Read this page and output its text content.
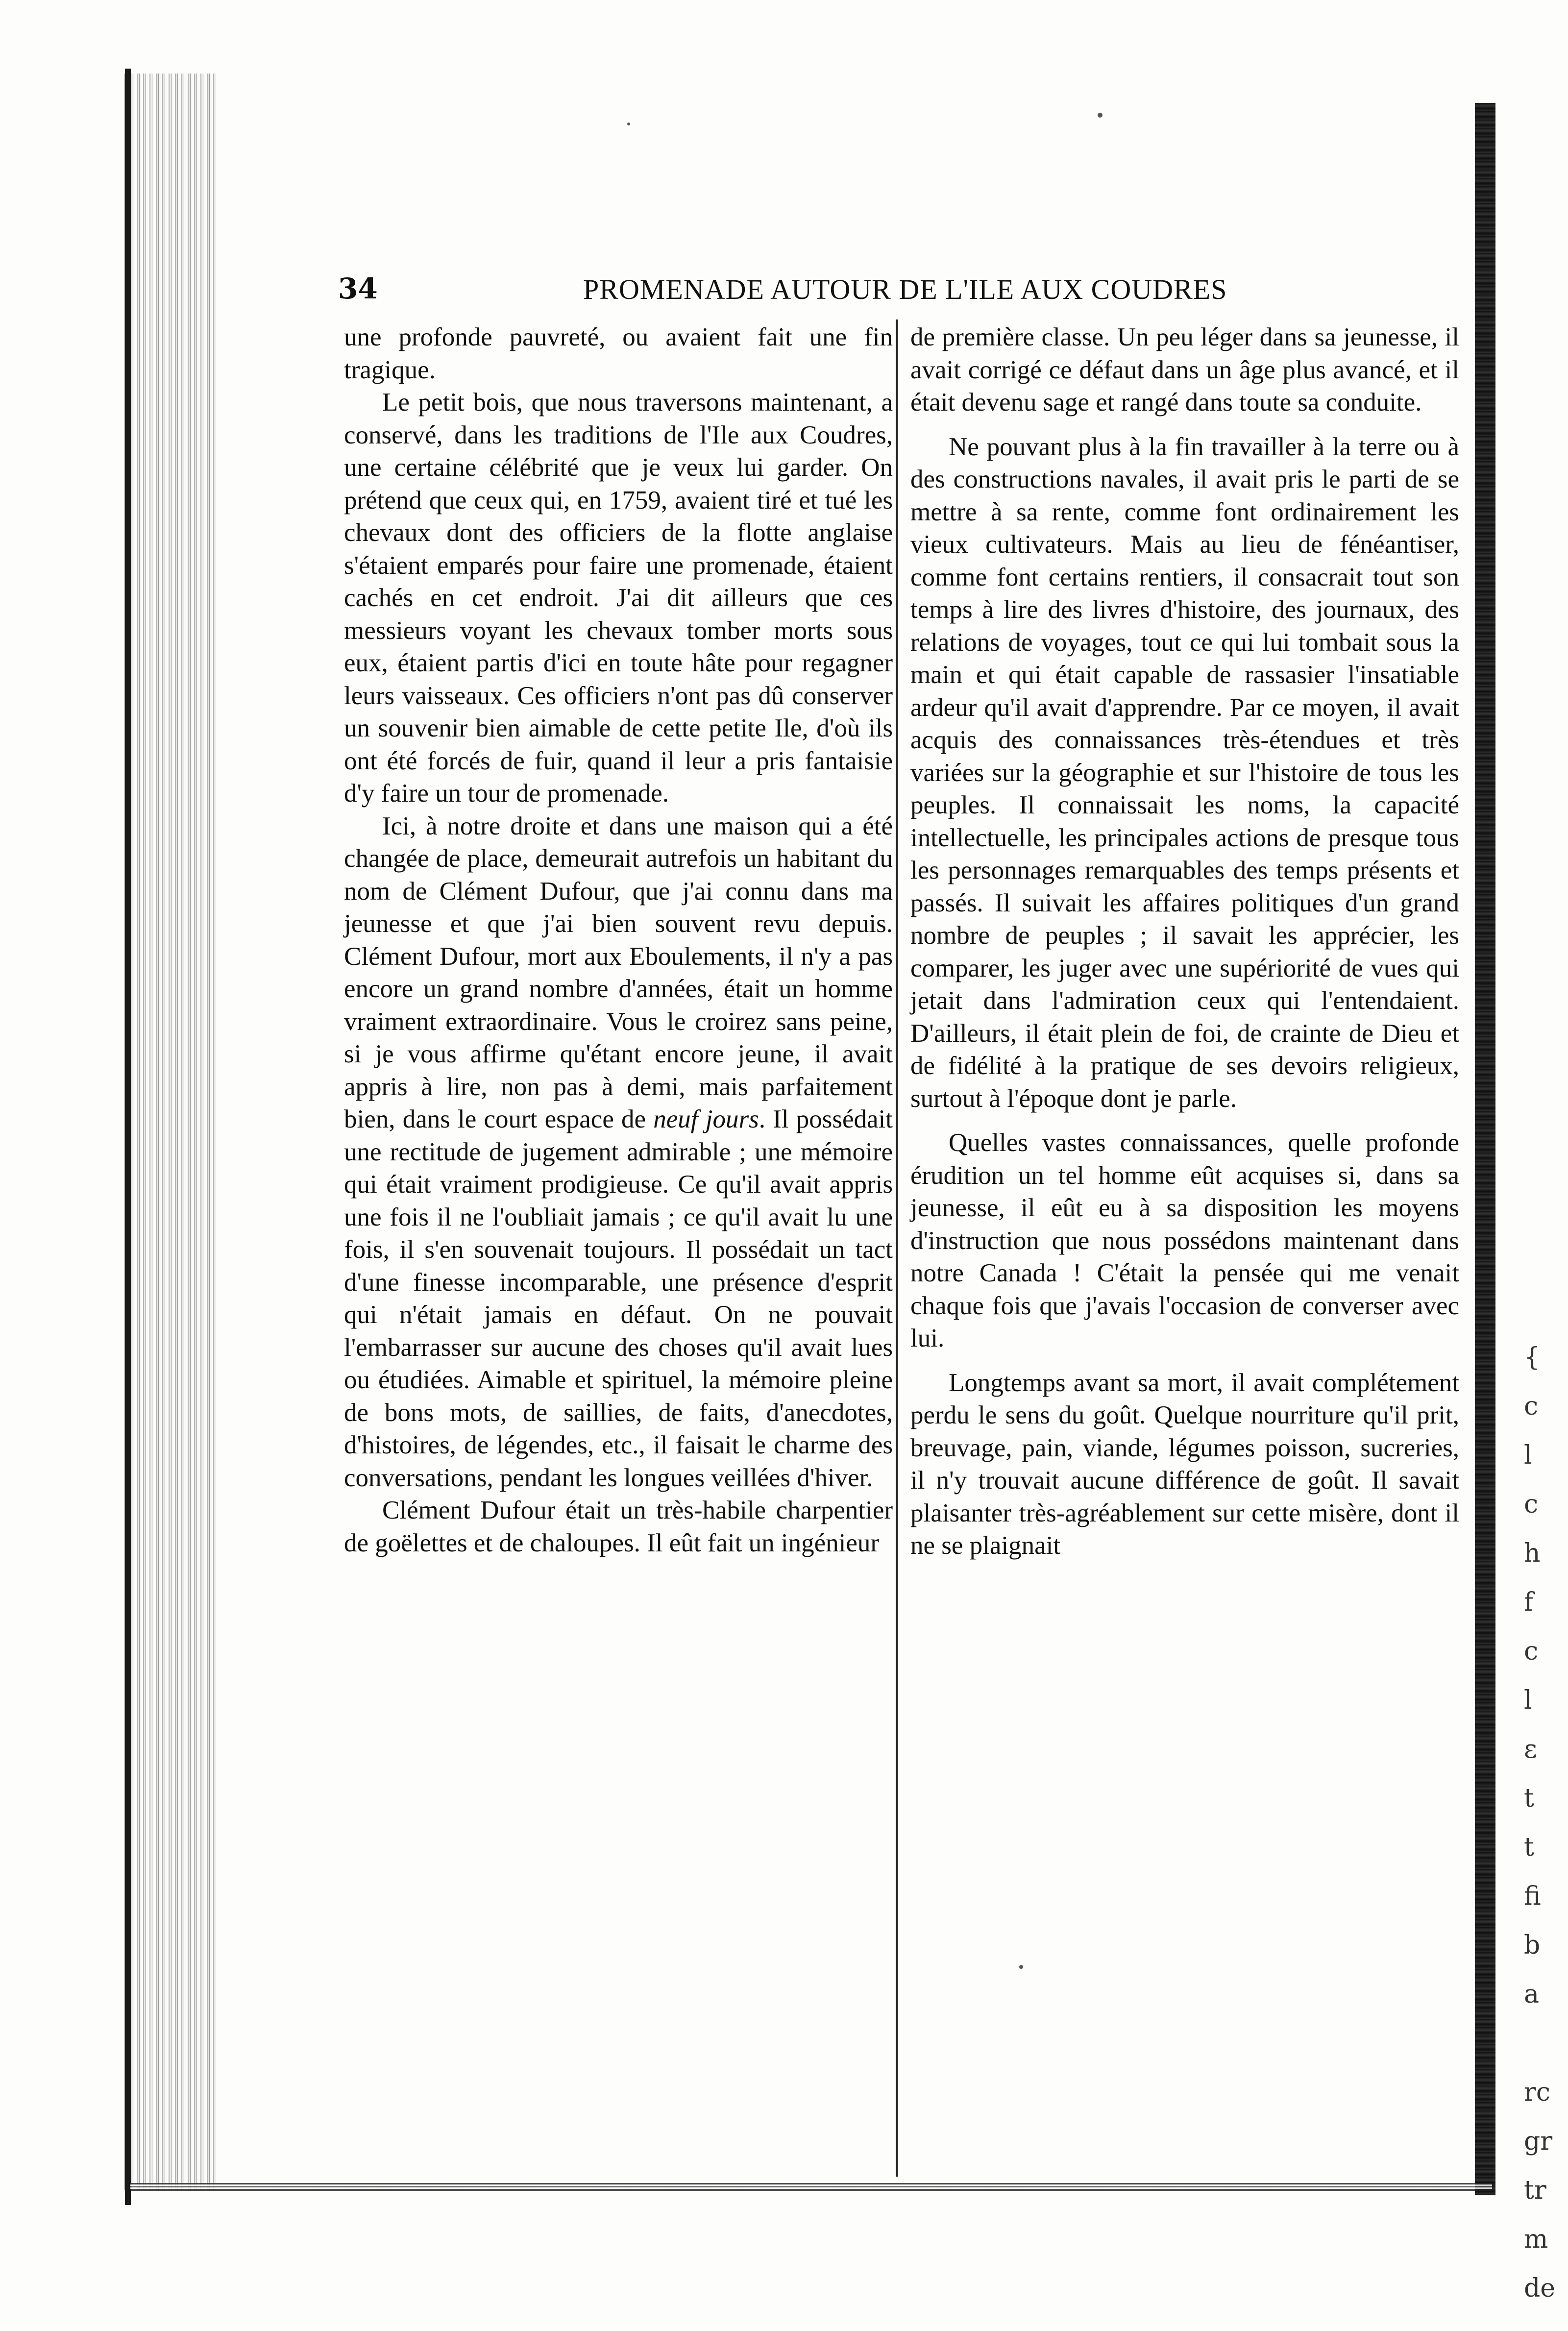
34	PROMENADE AUTOUR DE L'ILE AUX COUDRES

une profonde pauvreté, ou avaient fait une fin tragique.

Le petit bois, que nous traversons maintenant, a conservé, dans les traditions de l'Ile aux Coudres, une certaine célébrité que je veux lui garder. On prétend que ceux qui, en 1759, avaient tiré et tué les chevaux dont des officiers de la flotte anglaise s'étaient emparés pour faire une promenade, étaient cachés en cet endroit. J'ai dit ailleurs que ces messieurs voyant les chevaux tomber morts sous eux, étaient partis d'ici en toute hâte pour regagner leurs vaisseaux. Ces officiers n'ont pas dû conserver un souvenir bien aimable de cette petite Ile, d'où ils ont été forcés de fuir, quand il leur a pris fantaisie d'y faire un tour de promenade.

Ici, à notre droite et dans une maison qui a été changée de place, demeurait autrefois un habitant du nom de Clément Dufour, que j'ai connu dans ma jeunesse et que j'ai bien souvent revu depuis. Clément Dufour, mort aux Eboulements, il n'y a pas encore un grand nombre d'années, était un homme vraiment extraordinaire. Vous le croirez sans peine, si je vous affirme qu'étant encore jeune, il avait appris à lire, non pas à demi, mais parfaitement bien, dans le court espace de neuf jours. Il possédait une rectitude de jugement admirable ; une mémoire qui était vraiment prodigieuse. Ce qu'il avait appris une fois il ne l'oubliait jamais ; ce qu'il avait lu une fois, il s'en souvenait toujours. Il possédait un tact d'une finesse incomparable, une présence d'esprit qui n'était jamais en défaut. On ne pouvait l'embarrasser sur aucune des choses qu'il avait lues ou étudiées. Aimable et spirituel, la mémoire pleine de bons mots, de saillies, de faits, d'anecdotes, d'histoires, de légendes, etc., il faisait le charme des conversations, pendant les longues veillées d'hiver.

Clément Dufour était un très-habile charpentier de goëlettes et de chaloupes. Il eût fait un ingénieur

de première classe. Un peu léger dans sa jeunesse, il avait corrigé ce défaut dans un âge plus avancé, et il était devenu sage et rangé dans toute sa conduite.

Ne pouvant plus à la fin travailler à la terre ou à des constructions navales, il avait pris le parti de se mettre à sa rente, comme font ordinairement les vieux cultivateurs. Mais au lieu de fénéantiser, comme font certains rentiers, il consacrait tout son temps à lire des livres d'histoire, des journaux, des relations de voyages, tout ce qui lui tombait sous la main et qui était capable de rassasier l'insatiable ardeur qu'il avait d'apprendre. Par ce moyen, il avait acquis des connaissances très-étendues et très variées sur la géographie et sur l'histoire de tous les peuples. Il connaissait les noms, la capacité intellectuelle, les principales actions de presque tous les personnages remarquables des temps présents et passés. Il suivait les affaires politiques d'un grand nombre de peuples ; il savait les apprécier, les comparer, les juger avec une supériorité de vues qui jetait dans l'admiration ceux qui l'entendaient. D'ailleurs, il était plein de foi, de crainte de Dieu et de fidélité à la pratique de ses devoirs religieux, surtout à l'époque dont je parle.

Quelles vastes connaissances, quelle profonde érudition un tel homme eût acquises si, dans sa jeunesse, il eût eu à sa disposition les moyens d'instruction que nous possédons maintenant dans notre Canada ! C'était la pensée qui me venait chaque fois que j'avais l'occasion de converser avec lui.

Longtemps avant sa mort, il avait complétement perdu le sens du goût. Quelque nourriture qu'il prit, breuvage, pain, viande, légumes poisson, sucreries, il n'y trouvait aucune différence de goût. Il savait plaisanter très-agréablement sur cette misère, dont il ne se plaignait

{
c
l
c
h
f
c
l
ε
t
t
fi
b
a

rc
gr
tr
m
de
